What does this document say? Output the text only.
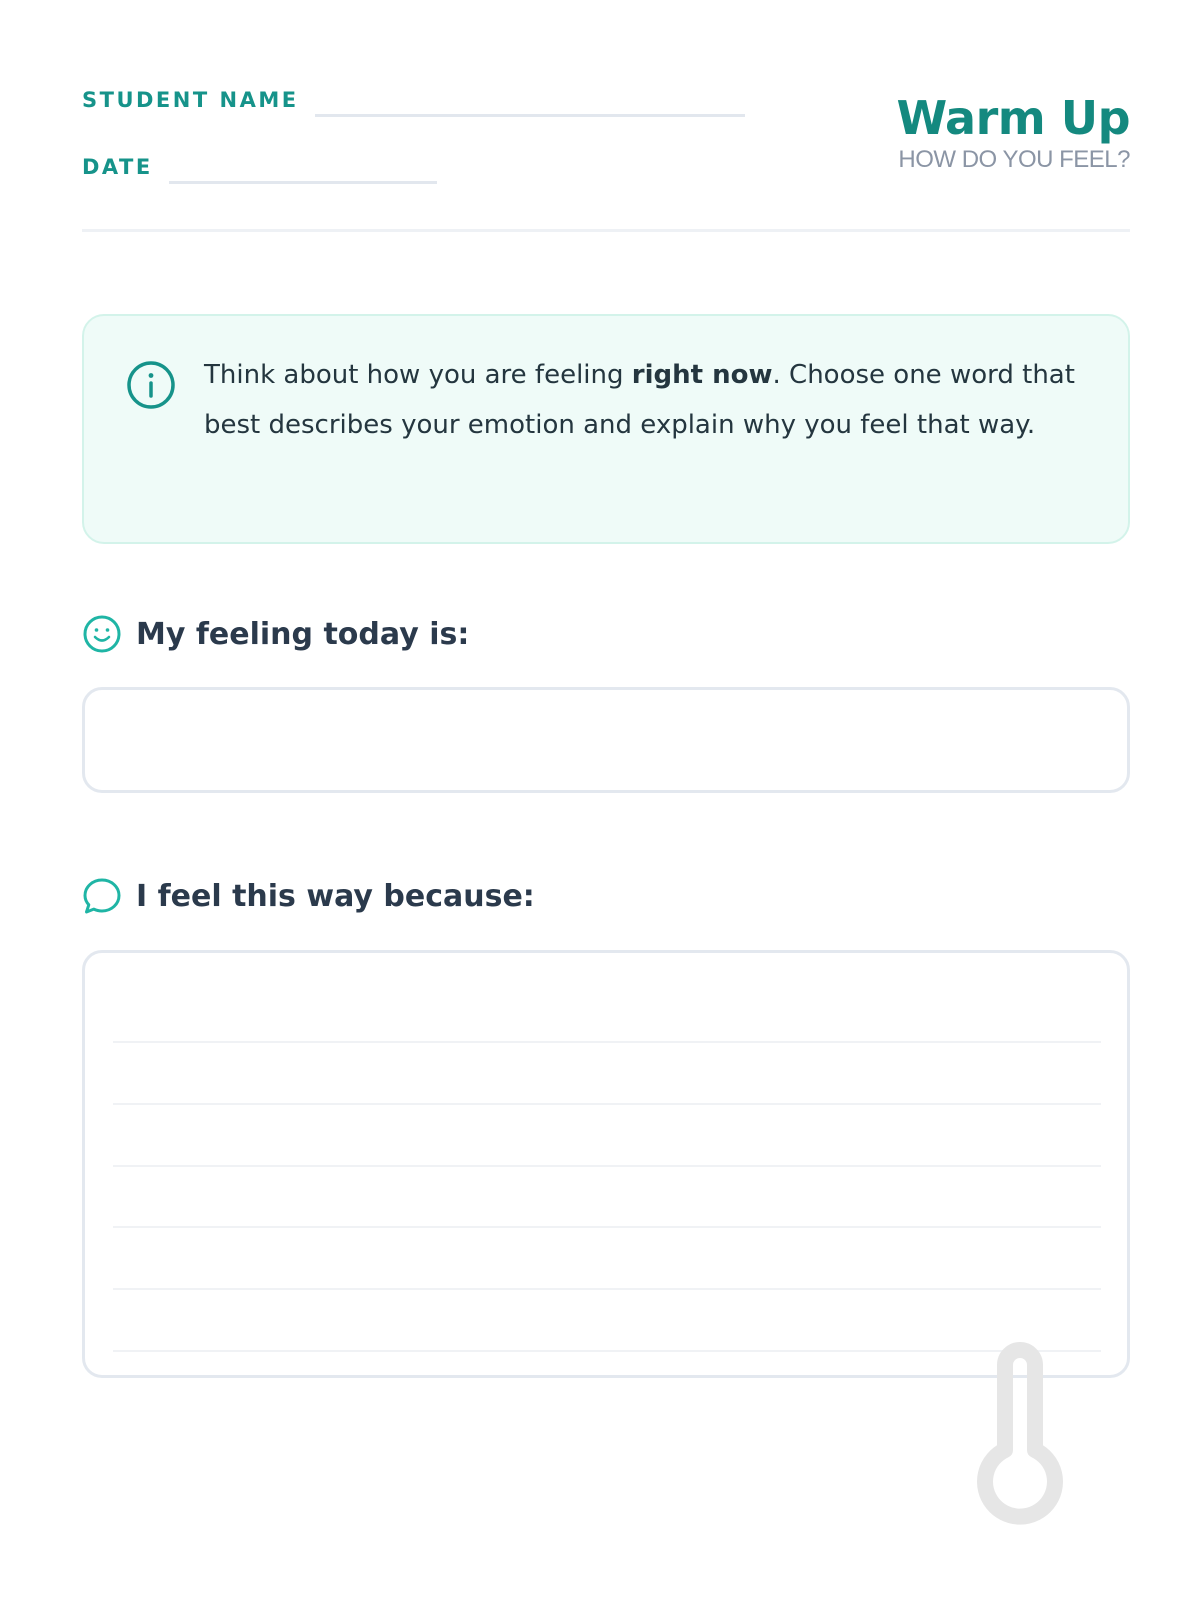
STUDENT NAME
DATE
Warm Up
HOW DO YOU FEEL?

Think about how you are feeling right now. Choose one word that best describes your emotion and explain why you feel that way.

My feeling today is:
I feel this way because:
